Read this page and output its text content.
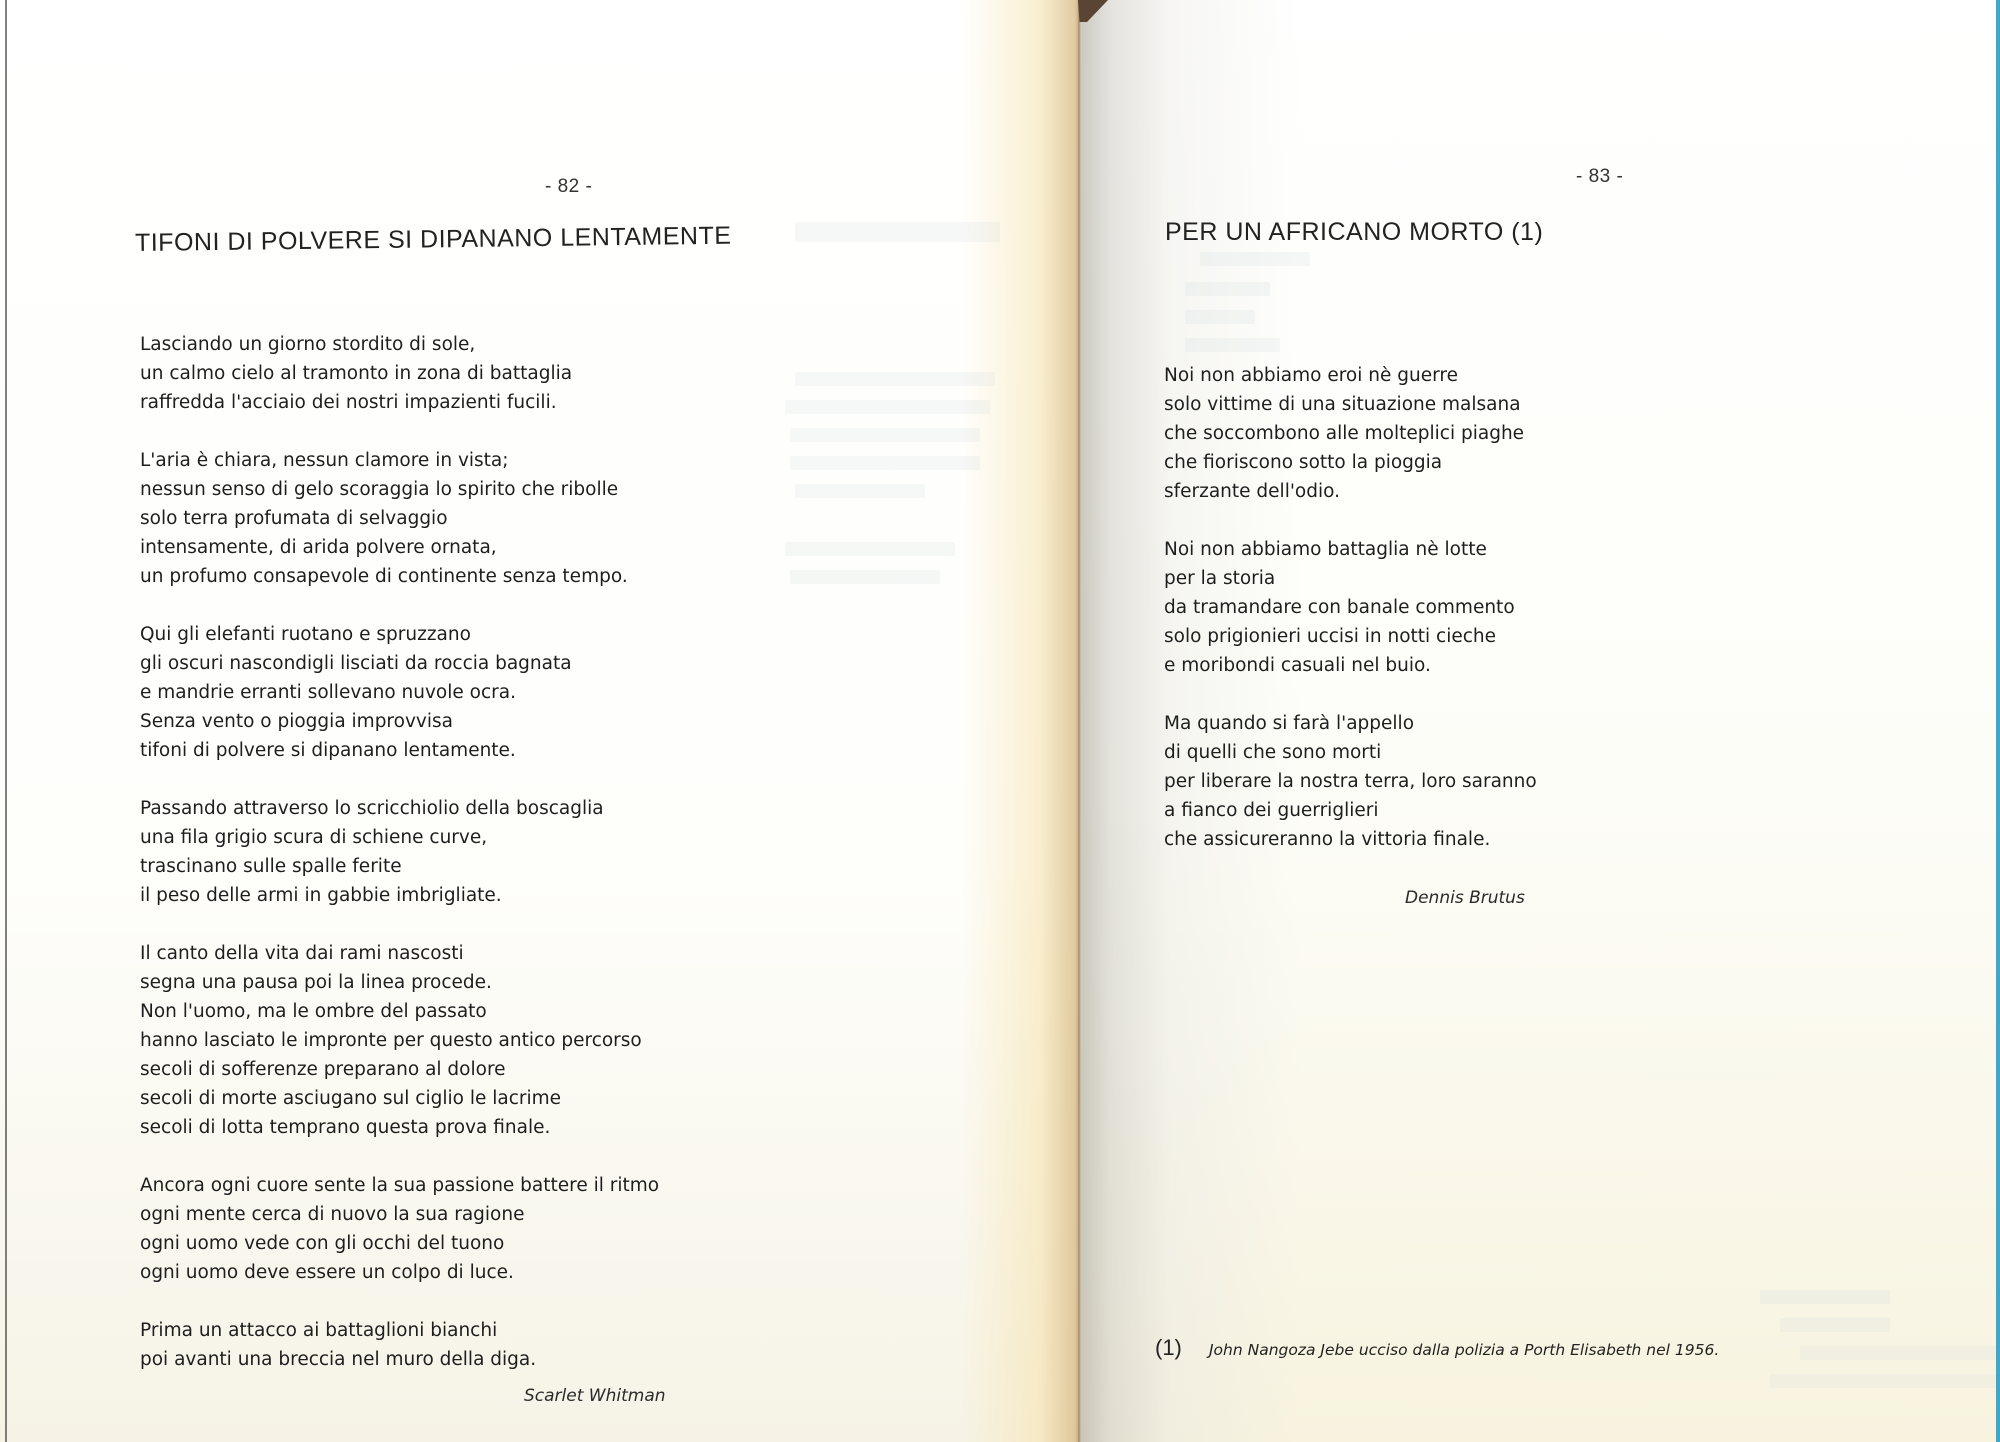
- 82 -
TIFONI DI POLVERE SI DIPANANO LENTAMENTE
Lasciando un giorno stordito di sole,
un calmo cielo al tramonto in zona di battaglia
raffredda l'acciaio dei nostri impazienti fucili.
L'aria è chiara, nessun clamore in vista;
nessun senso di gelo scoraggia lo spirito che ribolle
solo terra profumata di selvaggio
intensamente, di arida polvere ornata,
un profumo consapevole di continente senza tempo.
Qui gli elefanti ruotano e spruzzano
gli oscuri nascondigli lisciati da roccia bagnata
e mandrie erranti sollevano nuvole ocra.
Senza vento o pioggia improvvisa
tifoni di polvere si dipanano lentamente.
Passando attraverso lo scricchiolio della boscaglia
una fila grigio scura di schiene curve,
trascinano sulle spalle ferite
il peso delle armi in gabbie imbrigliate.
Il canto della vita dai rami nascosti
segna una pausa poi la linea procede.
Non l'uomo, ma le ombre del passato
hanno lasciato le impronte per questo antico percorso
secoli di sofferenze preparano al dolore
secoli di morte asciugano sul ciglio le lacrime
secoli di lotta temprano questa prova finale.
Ancora ogni cuore sente la sua passione battere il ritmo
ogni mente cerca di nuovo la sua ragione
ogni uomo vede con gli occhi del tuono
ogni uomo deve essere un colpo di luce.
Prima un attacco ai battaglioni bianchi
poi avanti una breccia nel muro della diga.
Scarlet Whitman
- 83 -
PER UN AFRICANO MORTO (1)
Noi non abbiamo eroi nè guerre
solo vittime di una situazione malsana
che soccombono alle molteplici piaghe
che fioriscono sotto la pioggia
sferzante dell'odio.
Noi non abbiamo battaglia nè lotte
per la storia
da tramandare con banale commento
solo prigionieri uccisi in notti cieche
e moribondi casuali nel buio.
Ma quando si farà l'appello
di quelli che sono morti
per liberare la nostra terra, loro saranno
a fianco dei guerriglieri
che assicureranno la vittoria finale.
Dennis Brutus
(1) John Nangoza Jebe ucciso dalla polizia a Porth Elisabeth nel 1956.
